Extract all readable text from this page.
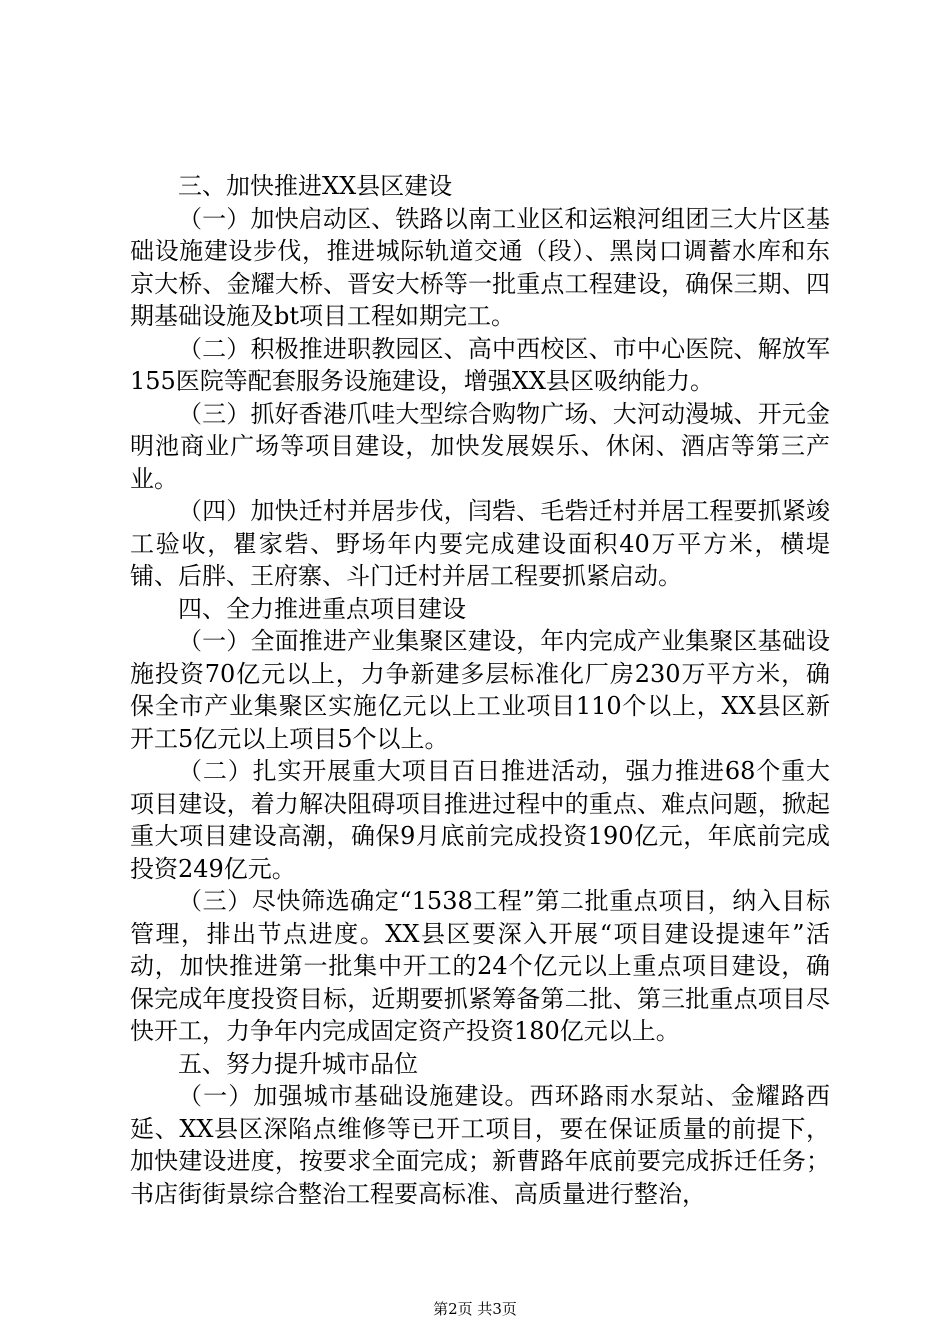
三、加快推进XX县区建设

（一）加快启动区、铁路以南工业区和运粮河组团三大片区基础设施建设步伐，推进城际轨道交通（段）、黑岗口调蓄水库和东京大桥、金耀大桥、晋安大桥等一批重点工程建设，确保三期、四期基础设施及bt项目工程如期完工。

（二）积极推进职教园区、高中西校区、市中心医院、解放军155医院等配套服务设施建设，增强XX县区吸纳能力。

（三）抓好香港爪哇大型综合购物广场、大河动漫城、开元金明池商业广场等项目建设，加快发展娱乐、休闲、酒店等第三产业。

（四）加快迁村并居步伐，闫砦、毛砦迁村并居工程要抓紧竣工验收，瞿家砦、野场年内要完成建设面积40万平方米，横堤铺、后胖、王府寨、斗门迁村并居工程要抓紧启动。

四、全力推进重点项目建设

（一）全面推进产业集聚区建设，年内完成产业集聚区基础设施投资70亿元以上，力争新建多层标准化厂房230万平方米，确保全市产业集聚区实施亿元以上工业项目110个以上，XX县区新开工5亿元以上项目5个以上。

（二）扎实开展重大项目百日推进活动，强力推进68个重大项目建设，着力解决阻碍项目推进过程中的重点、难点问题，掀起重大项目建设高潮，确保9月底前完成投资190亿元，年底前完成投资249亿元。

（三）尽快筛选确定“1538工程”第二批重点项目，纳入目标管理，排出节点进度。XX县区要深入开展“项目建设提速年”活动，加快推进第一批集中开工的24个亿元以上重点项目建设，确保完成年度投资目标，近期要抓紧筹备第二批、第三批重点项目尽快开工，力争年内完成固定资产投资180亿元以上。

五、努力提升城市品位

（一）加强城市基础设施建设。西环路雨水泵站、金耀路西延、XX县区深陷点维修等已开工项目，要在保证质量的前提下，加快建设进度，按要求全面完成；新曹路年底前要完成拆迁任务；书店街街景综合整治工程要高标准、高质量进行整治，

第2页 共3页
